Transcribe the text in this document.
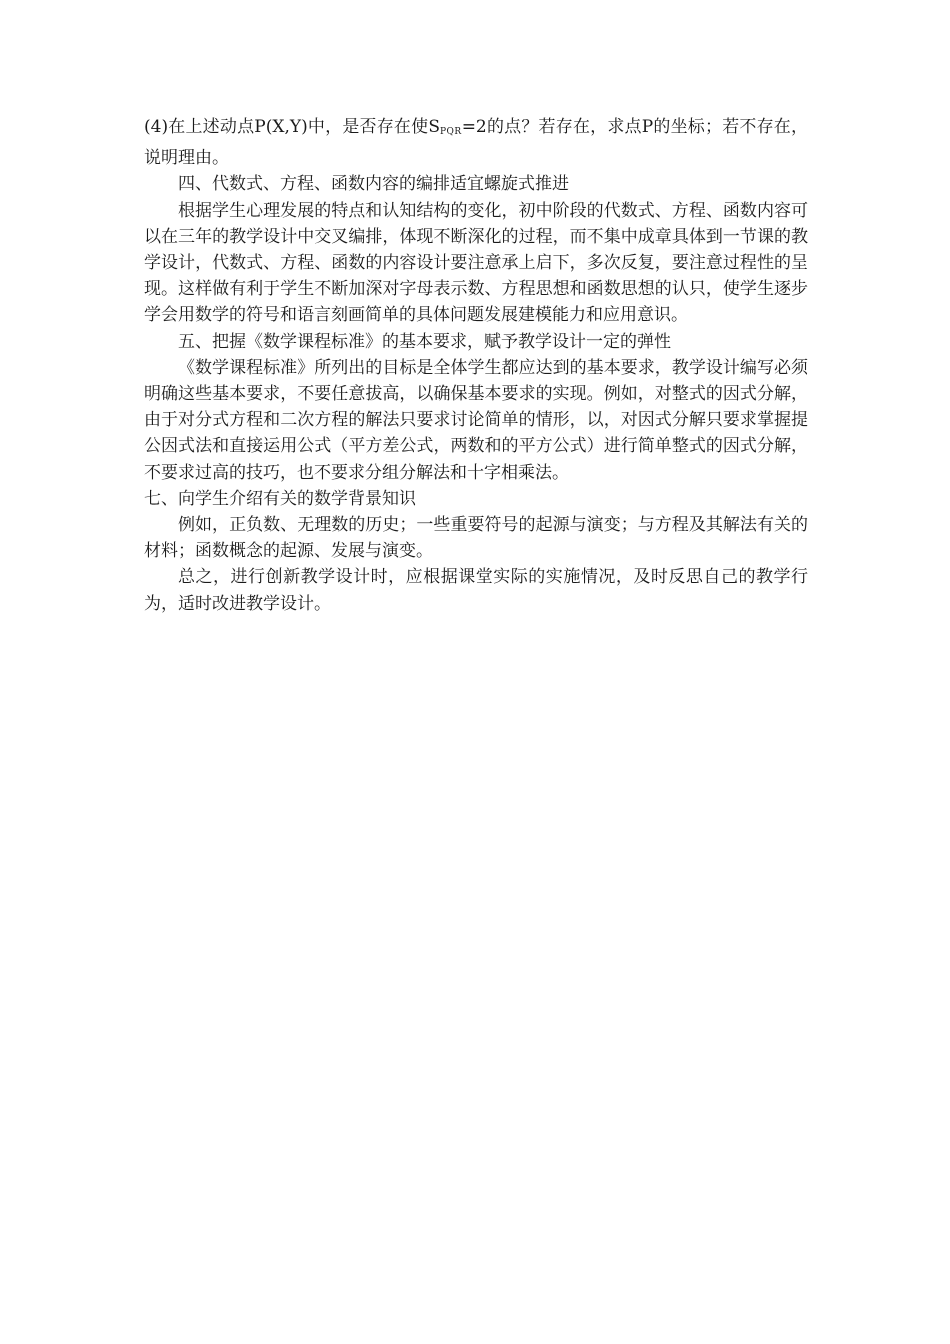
(4)在上述动点P(X,Y)中，是否存在使$S_{PQR}=2$的点？若存在，求点P的坐标；若不存在，说明理由。

四、代数式、方程、函数内容的编排适宜螺旋式推进

根据学生心理发展的特点和认知结构的变化，初中阶段的代数式、方程、函数内容可以在三年的教学设计中交叉编排，体现不断深化的过程，而不集中成章具体到一节课的教学设计，代数式、方程、函数的内容设计要注意承上启下，多次反复，要注意过程性的呈现。这样做有利于学生不断加深对字母表示数、方程思想和函数思想的认只，使学生逐步学会用数学的符号和语言刻画简单的具体问题发展建模能力和应用意识。

五、把握《数学课程标准》的基本要求，赋予教学设计一定的弹性

《数学课程标准》所列出的目标是全体学生都应达到的基本要求，教学设计编写必须明确这些基本要求，不要任意拔高，以确保基本要求的实现。例如，对整式的因式分解，由于对分式方程和二次方程的解法只要求讨论简单的情形，以，对因式分解只要求掌握提公因式法和直接运用公式（平方差公式，两数和的平方公式）进行简单整式的因式分解，不要求过高的技巧，也不要求分组分解法和十字相乘法。

七、向学生介绍有关的数学背景知识

例如，正负数、无理数的历史；一些重要符号的起源与演变；与方程及其解法有关的材料；函数概念的起源、发展与演变。

总之，进行创新教学设计时，应根据课堂实际的实施情况，及时反思自己的教学行为，适时改进教学设计。
